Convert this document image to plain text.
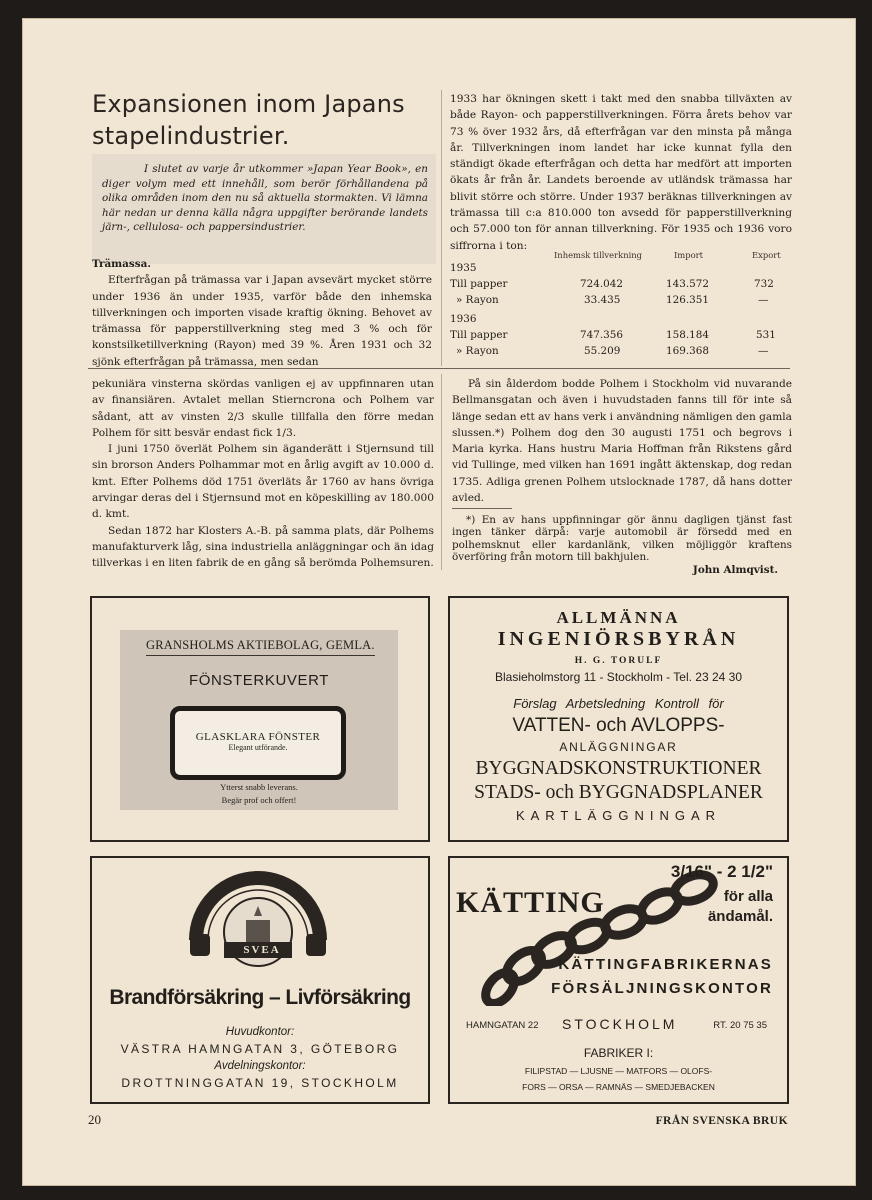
Expansionen inom Japans
stapelindustrier.

I slutet av varje år utkommer »Japan Year Book», en diger volym med ett innehåll, som berör förhållandena på olika områden inom den nu så aktuella stormakten. Vi lämna här nedan ur denna källa några uppgifter berörande landets järn-, cellulosa- och pappersindustrier.

Trämassa.

Efterfrågan på trämassa var i Japan avsevärt mycket större under 1936 än under 1935, varför både den inhemska tillverkningen och importen visade kraftig ökning. Behovet av trämassa för papperstillverkning steg med 3 % och för konstsilketillverkning (Rayon) med 39 %. Åren 1931 och 32 sjönk efterfrågan på trämassa, men sedan

1933 har ökningen skett i takt med den snabba tillväxten av både Rayon- och papperstillverkningen. Förra årets behov var 73 % över 1932 års, då efterfrågan var den minsta på många år. Tillverkningen inom landet har icke kunnat fylla den ständigt ökade efterfrågan och detta har medfört att importen ökats år från år. Landets beroende av utländsk trämassa har blivit större och större. Under 1937 beräknas tillverkningen av trämassa till c:a 810.000 ton avsedd för papperstillverkning och 57.000 ton för annan tillverkning. För 1935 och 1936 voro siffrorna i ton:

Inhemsk tillverkning	Import	Export
1935
Till papper	724.042	143.572	732
» Rayon	33.435	126.351	—
1936
Till papper	747.356	158.184	531
» Rayon	55.209	169.368	—

pekuniära vinsterna skördas vanligen ej av uppfinnaren utan av finansiären. Avtalet mellan Stierncrona och Polhem var sådant, att av vinsten 2/3 skulle tillfalla den förre medan Polhem för sitt besvär endast fick 1/3.

I juni 1750 överlät Polhem sin äganderätt i Stjernsund till sin brorson Anders Polhammar mot en årlig avgift av 10.000 d. kmt. Efter Polhems död 1751 överläts år 1760 av hans övriga arvingar deras del i Stjernsund mot en köpeskilling av 180.000 d. kmt.

Sedan 1872 har Klosters A.-B. på samma plats, där Polhems manufakturverk låg, sina industriella anläggningar och än idag tillverkas i en liten fabrik de en gång så berömda Polhemsuren.

På sin ålderdom bodde Polhem i Stockholm vid nuvarande Bellmansgatan och även i huvudstaden fanns till för inte så länge sedan ett av hans verk i användning nämligen den gamla slussen.*) Polhem dog den 30 augusti 1751 och begrovs i Maria kyrka. Hans hustru Maria Hoffman från Rikstens gård vid Tullinge, med vilken han 1691 ingått äktenskap, dog redan 1735. Adliga grenen Polhem utslocknade 1787, då hans dotter avled.

*) En av hans uppfinningar gör ännu dagligen tjänst fast ingen tänker därpå: varje automobil är försedd med en polhemsknut eller kardanlänk, vilken möjliggör kraftens överföring från motorn till bakhjulen.
John Almqvist.
GRANSHOLMS AKTIEBOLAG, GEMLA.
FÖNSTERKUVERT
GLASKLARA FÖNSTER
Elegant utförande.
Ytterst snabb leverans.
Begär prof och offert!
ALLMÄNNA
INGENIÖRSBYRÅN
H. G. TORULF
Blasieholmstorg 11 - Stockholm - Tel. 23 24 30
Förslag Arbetsledning Kontroll för
VATTEN- och AVLOPPS-
ANLÄGGNINGAR
BYGGNADSKONSTRUKTIONER
STADS- och BYGGNADSPLANER
KARTLÄGGNINGAR
SVEA
Brandförsäkring – Livförsäkring
Huvudkontor:
VÄSTRA HAMNGATAN 3, GÖTEBORG
Avdelningskontor:
DROTTNINGGATAN 19, STOCKHOLM
KÄTTING
3/16" - 2 1/2"
för alla
ändamål.
KÄTTINGFABRIKERNAS
FÖRSÄLJNINGSKONTOR
HAMNGATAN 22 STOCKHOLM	RT. 20 75 35
FABRIKER I:
FILIPSTAD — LJUSNE — MATFORS — OLOFS-
FORS — ORSA — RAMNÄS — SMEDJEBACKEN
20	FRÅN SVENSKA BRUK
